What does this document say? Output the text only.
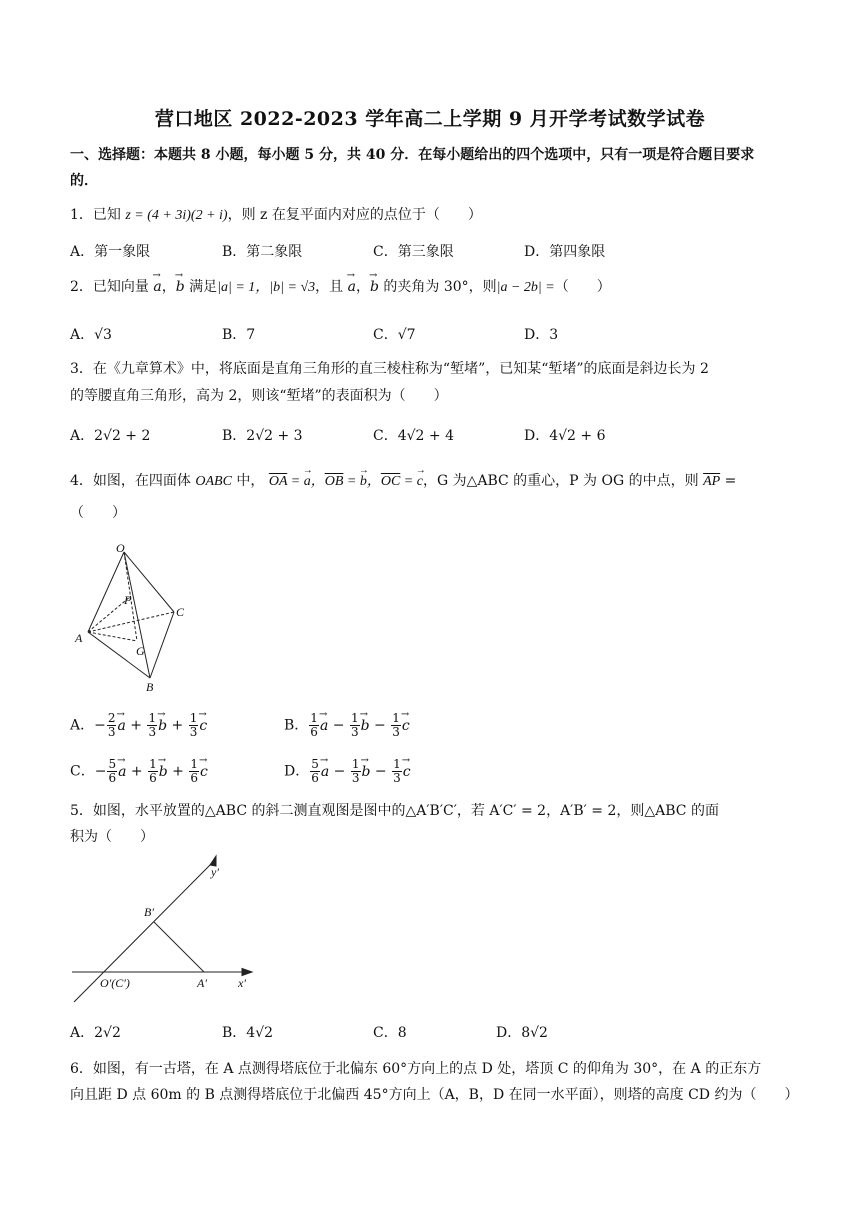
营口地区 2022-2023 学年高二上学期 9 月开学考试数学试卷
一、选择题：本题共 8 小题，每小题 5 分，共 40 分．在每小题给出的四个选项中，只有一项是符合题目要求
的．
1．已知 z = (4 + 3i)(2 + i)，则 z 在复平面内对应的点位于（　　）
A．第一象限	B．第二象限	C．第三象限	D．第四象限
2．已知向量 → a，→ b 满足|a| = 1，|b| = √3，且 → a，→ b 的夹角为 30°，则|a − 2b| =（　　）
A．√3	B．7	C．√7	D．3
3．在《九章算术》中，将底面是直角三角形的直三棱柱称为“堑堵”，已知某“堑堵”的底面是斜边长为 2
的等腰直角三角形，高为 2，则该“堑堵”的表面积为（　　）
A．2√2 + 2	B．2√2 + 3	C．4√2 + 4	D．4√2 + 6
4．如图，在四面体 OABC 中， $\overline{OA}$ = → a，$\overline{OB}$ = → b，$\overline{OC}$ = → c，G 为△ABC 的重心，P 为 OG 的中点，则 $\overline{AP}$ =
（　　）
O
P
C
A
G
B
A．− $\frac{2}{3} \to a + \frac{1}{3} \to b + \frac{1}{3} \to c$	B． $\frac{1}{6} \to a - \frac{1}{3} \to b - \frac{1}{3} \to c$
C．− $\frac{5}{6} \to a + \frac{1}{6} \to b + \frac{1}{6} \to c$	D． $\frac{5}{6} \to a - \frac{1}{3} \to b - \frac{1}{3} \to c$
5．如图，水平放置的△ABC 的斜二测直观图是图中的△A′B′C′，若 A′C′ = 2，A′B′ = 2，则△ABC 的面
积为（　　）
y′
B′
O′(C′)	A′	x′
A．2√2	B．4√2	C．8	D．8√2
6．如图，有一古塔，在 A 点测得塔底位于北偏东 60°方向上的点 D 处，塔顶 C 的仰角为 30°，在 A 的正东方
向且距 D 点 60m 的 B 点测得塔底位于北偏西 45°方向上（A，B，D 在同一水平面），则塔的高度 CD 约为（　　）
